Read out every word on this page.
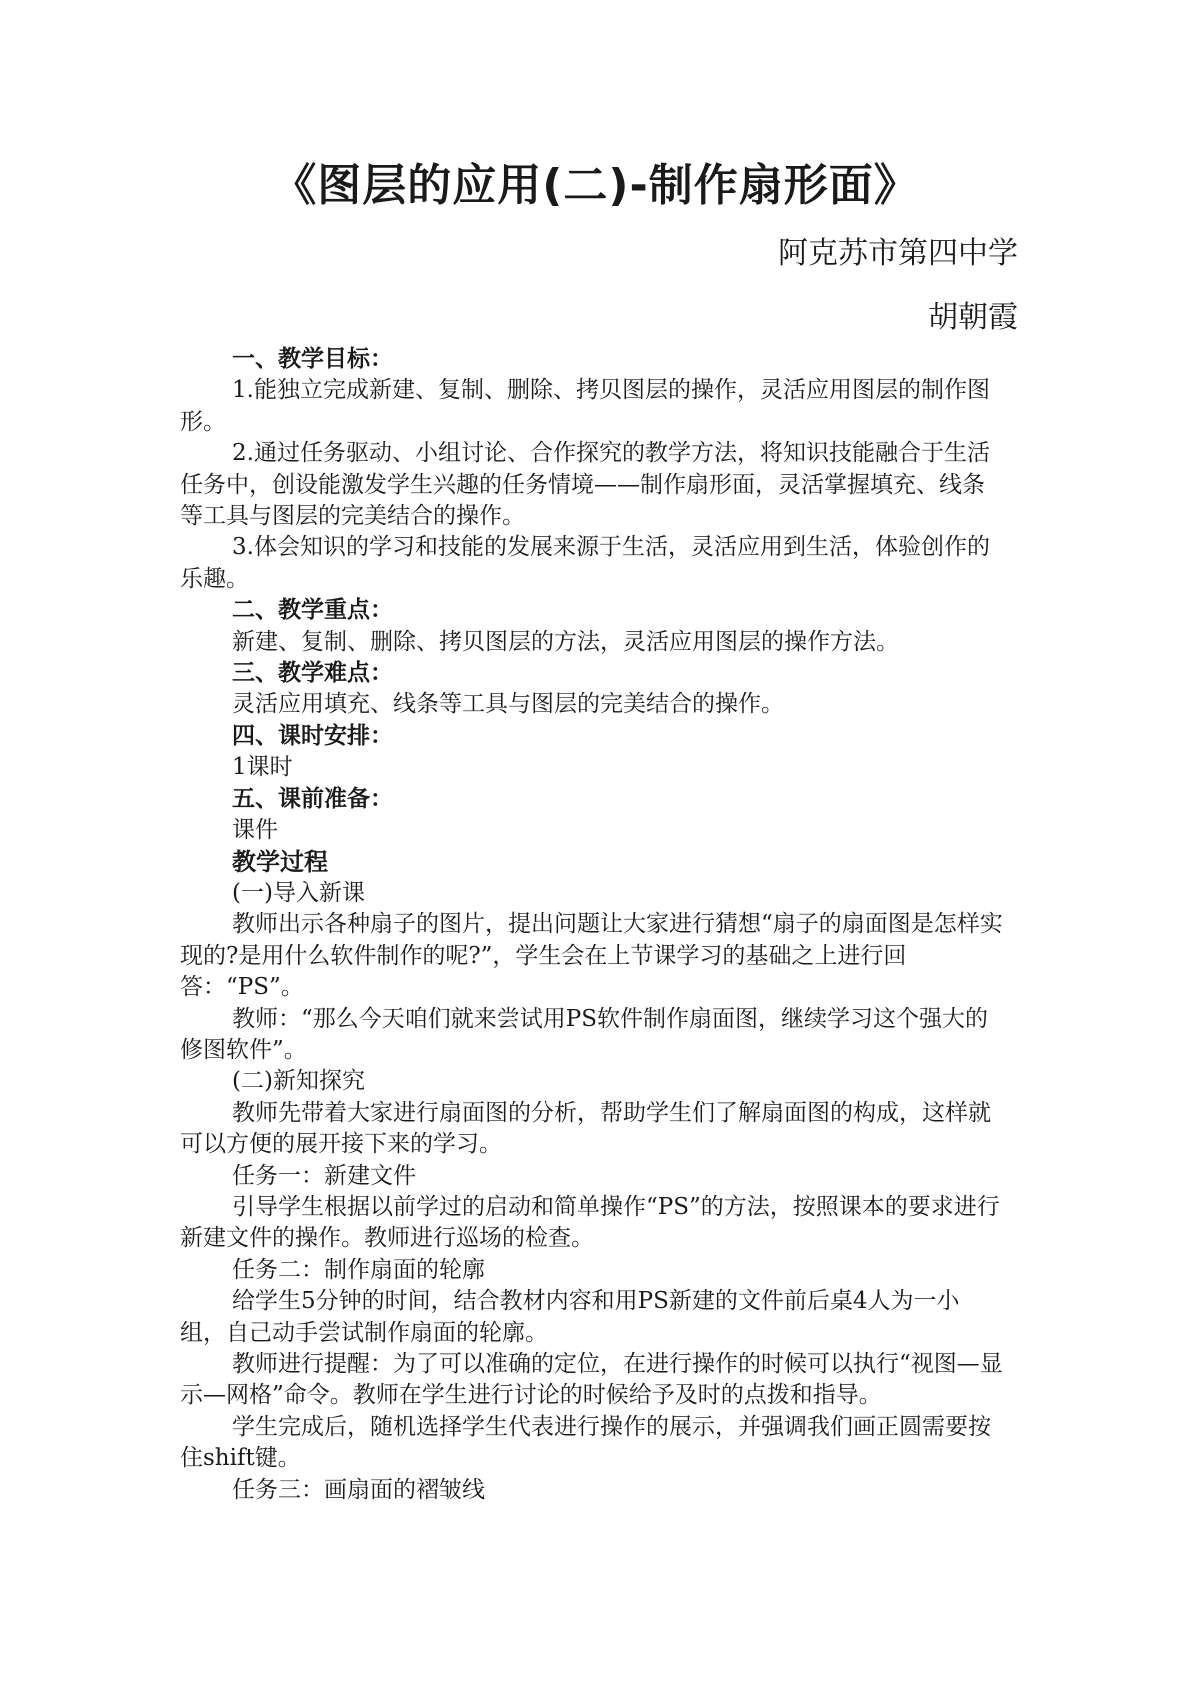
《图层的应用(二)-制作扇形面》
阿克苏市第四中学
胡朝霞

一、教学目标：

1.能独立完成新建、复制、删除、拷贝图层的操作，灵活应用图层的制作图形。

2.通过任务驱动、小组讨论、合作探究的教学方法，将知识技能融合于生活任务中，创设能激发学生兴趣的任务情境——制作扇形面，灵活掌握填充、线条等工具与图层的完美结合的操作。

3.体会知识的学习和技能的发展来源于生活，灵活应用到生活，体验创作的乐趣。

二、教学重点：

新建、复制、删除、拷贝图层的方法，灵活应用图层的操作方法。

三、教学难点：

灵活应用填充、线条等工具与图层的完美结合的操作。

四、课时安排：

1课时

五、课前准备：

课件

教学过程

(一)导入新课

教师出示各种扇子的图片，提出问题让大家进行猜想“扇子的扇面图是怎样实现的?是用什么软件制作的呢?”，学生会在上节课学习的基础之上进行回答：“PS”。

教师：“那么今天咱们就来尝试用PS软件制作扇面图，继续学习这个强大的修图软件”。

(二)新知探究

教师先带着大家进行扇面图的分析，帮助学生们了解扇面图的构成，这样就可以方便的展开接下来的学习。

任务一：新建文件

引导学生根据以前学过的启动和简单操作“PS”的方法，按照课本的要求进行新建文件的操作。教师进行巡场的检查。

任务二：制作扇面的轮廓

给学生5分钟的时间，结合教材内容和用PS新建的文件前后桌4人为一小组，自己动手尝试制作扇面的轮廓。

教师进行提醒：为了可以准确的定位，在进行操作的时候可以执行“视图—显示—网格”命令。教师在学生进行讨论的时候给予及时的点拨和指导。

学生完成后，随机选择学生代表进行操作的展示，并强调我们画正圆需要按住shift键。

任务三：画扇面的褶皱线
